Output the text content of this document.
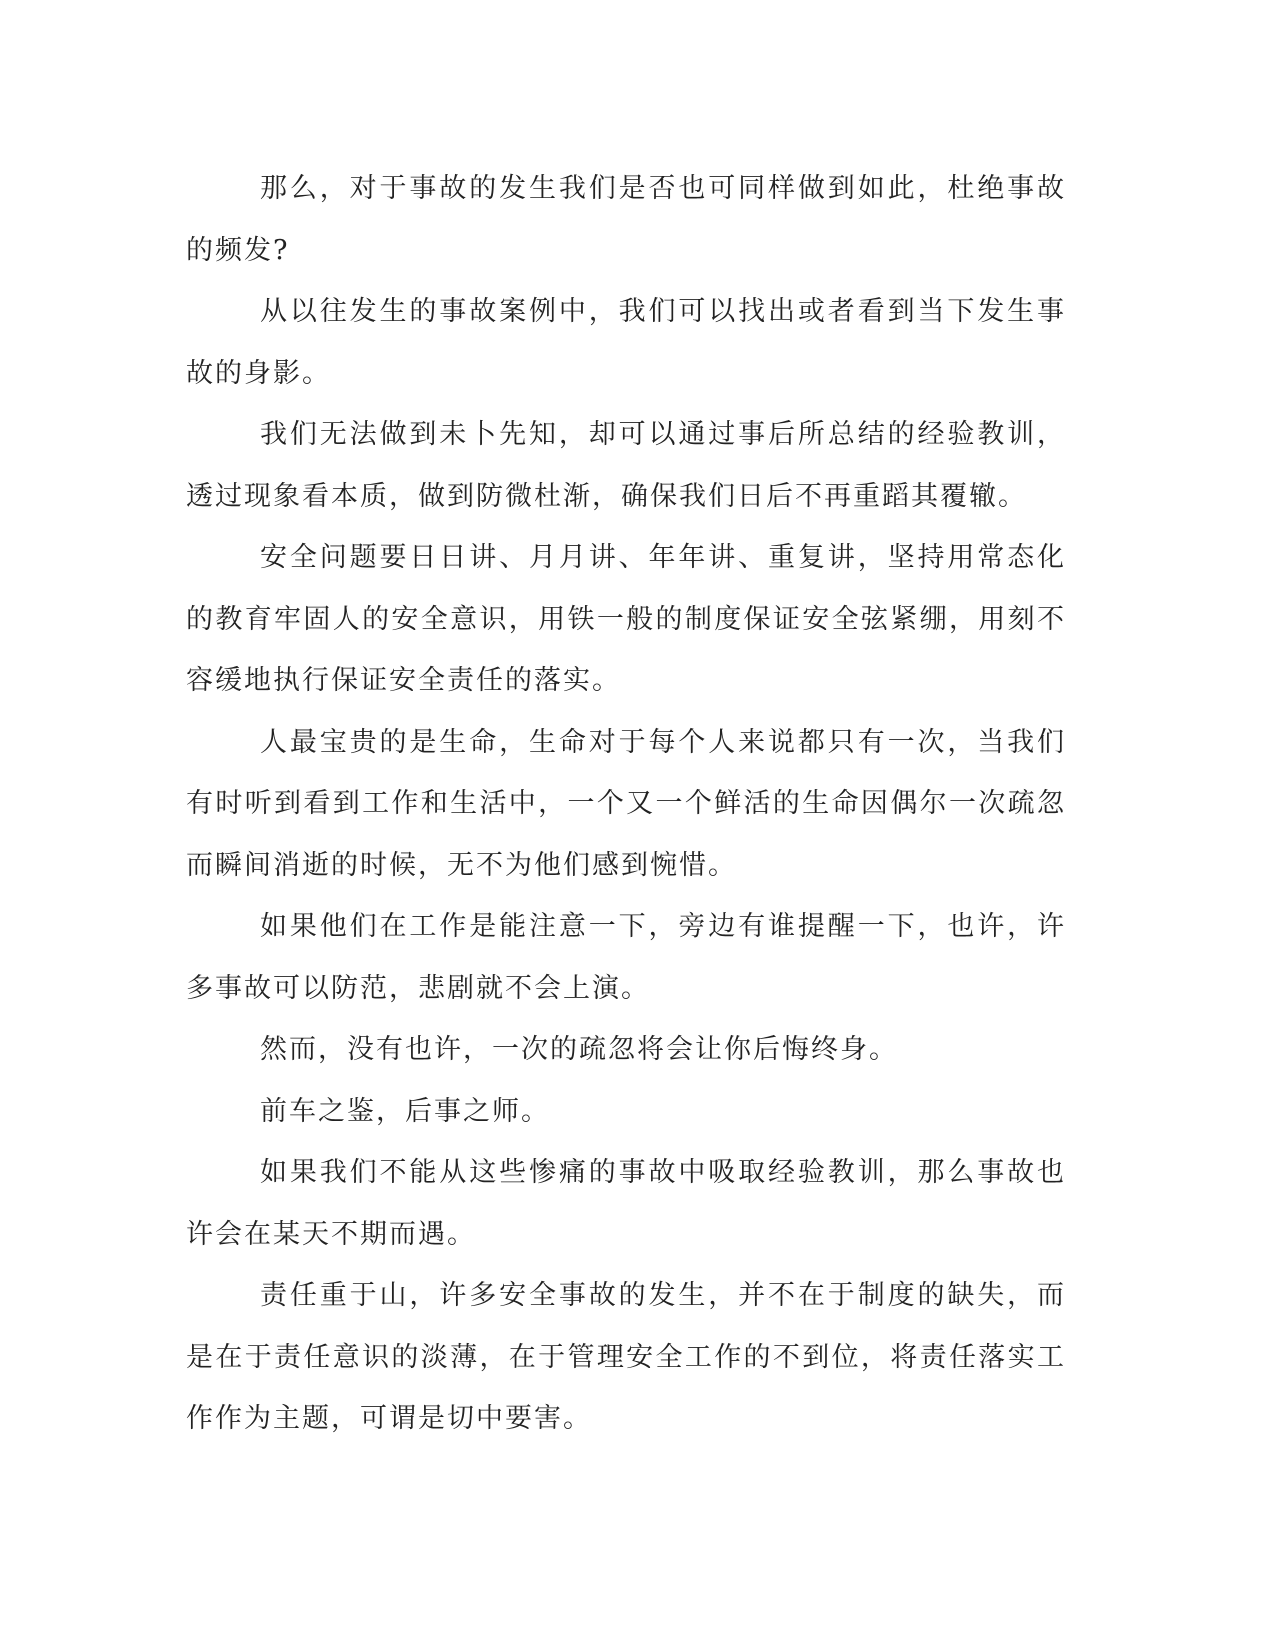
那么，对于事故的发生我们是否也可同样做到如此，杜绝事故的频发?

从以往发生的事故案例中，我们可以找出或者看到当下发生事故的身影。

我们无法做到未卜先知，却可以通过事后所总结的经验教训，透过现象看本质，做到防微杜渐，确保我们日后不再重蹈其覆辙。

安全问题要日日讲、月月讲、年年讲、重复讲，坚持用常态化的教育牢固人的安全意识，用铁一般的制度保证安全弦紧绷，用刻不容缓地执行保证安全责任的落实。

人最宝贵的是生命，生命对于每个人来说都只有一次，当我们有时听到看到工作和生活中，一个又一个鲜活的生命因偶尔一次疏忽而瞬间消逝的时候，无不为他们感到惋惜。

如果他们在工作是能注意一下，旁边有谁提醒一下，也许，许多事故可以防范，悲剧就不会上演。

然而，没有也许，一次的疏忽将会让你后悔终身。

前车之鉴，后事之师。

如果我们不能从这些惨痛的事故中吸取经验教训，那么事故也许会在某天不期而遇。

责任重于山，许多安全事故的发生，并不在于制度的缺失，而是在于责任意识的淡薄，在于管理安全工作的不到位，将责任落实工作作为主题，可谓是切中要害。
